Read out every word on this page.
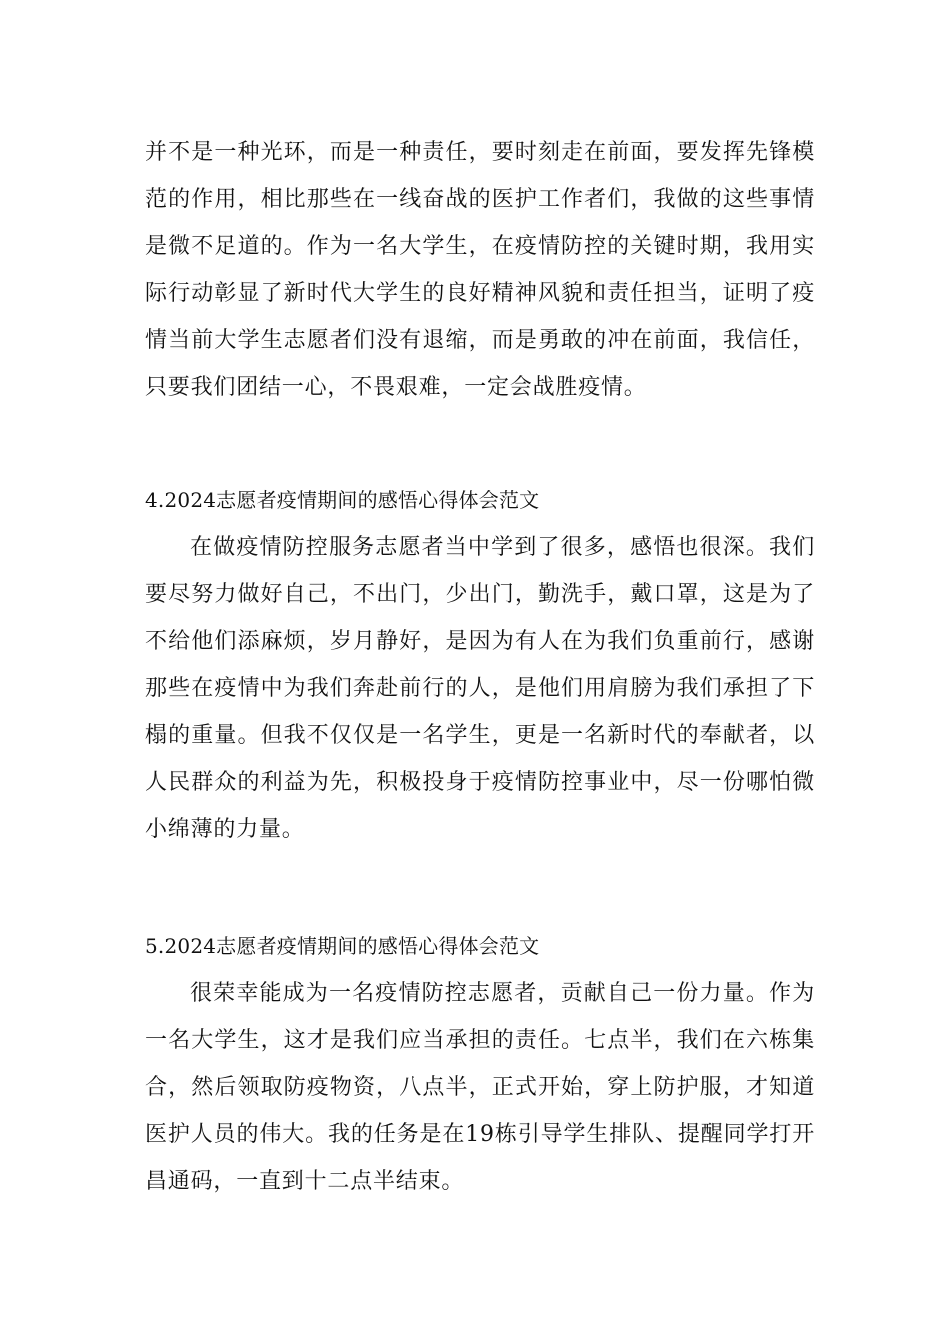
并不是一种光环，而是一种责任，要时刻走在前面，要发挥先锋模范的作用，相比那些在一线奋战的医护工作者们，我做的这些事情是微不足道的。作为一名大学生，在疫情防控的关键时期，我用实际行动彰显了新时代大学生的良好精神风貌和责任担当，证明了疫情当前大学生志愿者们没有退缩，而是勇敢的冲在前面，我信任，只要我们团结一心，不畏艰难，一定会战胜疫情。

4.2024志愿者疫情期间的感悟心得体会范文

在做疫情防控服务志愿者当中学到了很多，感悟也很深。我们要尽努力做好自己，不出门，少出门，勤洗手，戴口罩，这是为了不给他们添麻烦，岁月静好，是因为有人在为我们负重前行，感谢那些在疫情中为我们奔赴前行的人，是他们用肩膀为我们承担了下榻的重量。但我不仅仅是一名学生，更是一名新时代的奉献者，以人民群众的利益为先，积极投身于疫情防控事业中，尽一份哪怕微小绵薄的力量。

5.2024志愿者疫情期间的感悟心得体会范文

很荣幸能成为一名疫情防控志愿者，贡献自己一份力量。作为一名大学生，这才是我们应当承担的责任。七点半，我们在六栋集合，然后领取防疫物资，八点半，正式开始，穿上防护服，才知道医护人员的伟大。我的任务是在19栋引导学生排队、提醒同学打开昌通码，一直到十二点半结束。
